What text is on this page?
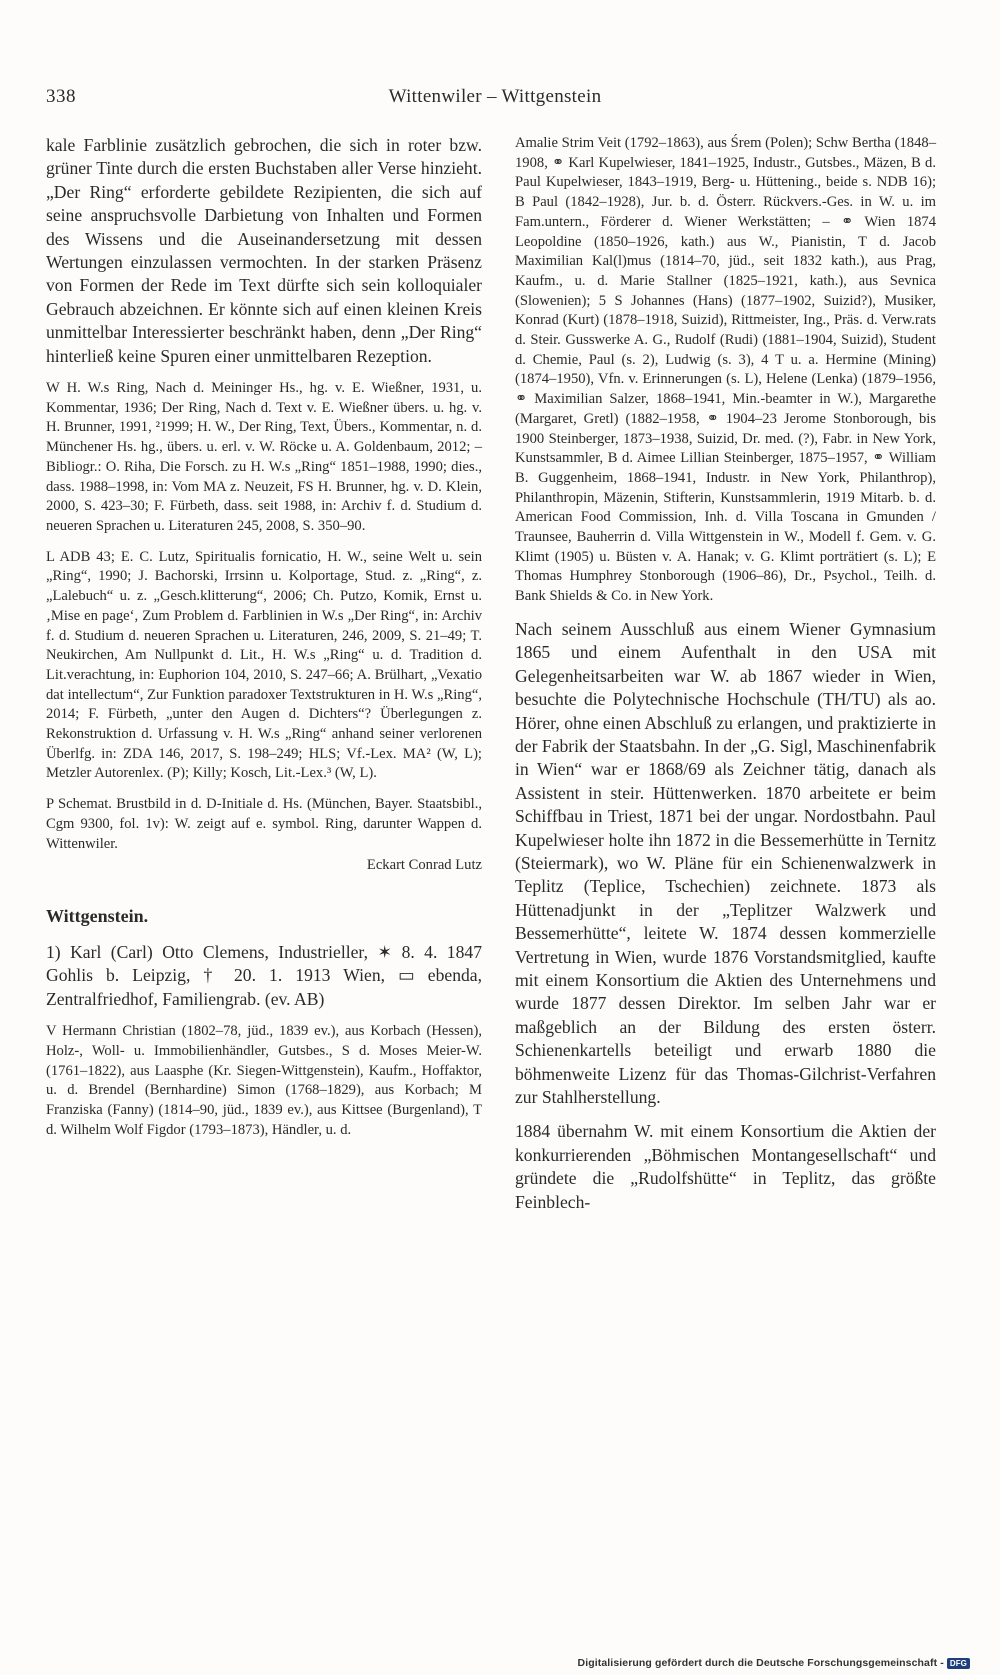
338	Wittenwiler – Wittgenstein

kale Farblinie zusätzlich gebrochen, die sich in roter bzw. grüner Tinte durch die ersten Buchstaben aller Verse hinzieht. „Der Ring“ erforderte gebildete Rezipienten, die sich auf seine anspruchsvolle Darbietung von Inhalten und Formen des Wissens und die Auseinandersetzung mit dessen Wertungen einzulassen vermochten. In der starken Präsenz von Formen der Rede im Text dürfte sich sein kolloquialer Gebrauch abzeichnen. Er könnte sich auf einen kleinen Kreis unmittelbar Interessierter beschränkt haben, denn „Der Ring“ hinterließ keine Spuren einer unmittelbaren Rezeption.

W H. W.s Ring, Nach d. Meininger Hs., hg. v. E. Wießner, 1931, u. Kommentar, 1936; Der Ring, Nach d. Text v. E. Wießner übers. u. hg. v. H. Brunner, 1991, ²1999; H. W., Der Ring, Text, Übers., Kommentar, n. d. Münchener Hs. hg., übers. u. erl. v. W. Röcke u. A. Goldenbaum, 2012; – Bibliogr.: O. Riha, Die Forsch. zu H. W.s „Ring“ 1851–1988, 1990; dies., dass. 1988–1998, in: Vom MA z. Neuzeit, FS H. Brunner, hg. v. D. Klein, 2000, S. 423–30; F. Fürbeth, dass. seit 1988, in: Archiv f. d. Studium d. neueren Sprachen u. Literaturen 245, 2008, S. 350–90.

L ADB 43; E. C. Lutz, Spiritualis fornicatio, H. W., seine Welt u. sein „Ring“, 1990; J. Bachorski, Irrsinn u. Kolportage, Stud. z. „Ring“, z. „Lalebuch“ u. z. „Gesch.klitterung“, 2006; Ch. Putzo, Komik, Ernst u. ‚Mise en page‘, Zum Problem d. Farblinien in W.s „Der Ring“, in: Archiv f. d. Studium d. neueren Sprachen u. Literaturen, 246, 2009, S. 21–49; T. Neukirchen, Am Nullpunkt d. Lit., H. W.s „Ring“ u. d. Tradition d. Lit.verachtung, in: Euphorion 104, 2010, S. 247–66; A. Brülhart, „Vexatio dat intellectum“, Zur Funktion paradoxer Textstrukturen in H. W.s „Ring“, 2014; F. Fürbeth, „unter den Augen d. Dichters“? Überlegungen z. Rekonstruktion d. Urfassung v. H. W.s „Ring“ anhand seiner verlorenen Überlfg. in: ZDA 146, 2017, S. 198–249; HLS; Vf.-Lex. MA² (W, L); Metzler Autorenlex. (P); Killy; Kosch, Lit.-Lex.³ (W, L).

P Schemat. Brustbild in d. D-Initiale d. Hs. (München, Bayer. Staatsbibl., Cgm 9300, fol. 1v): W. zeigt auf e. symbol. Ring, darunter Wappen d. Wittenwiler.

Eckart Conrad Lutz
Wittgenstein.

1) Karl (Carl) Otto Clemens, Industrieller, ✶ 8. 4. 1847 Gohlis b. Leipzig, † 20. 1. 1913 Wien, ▭ ebenda, Zentralfriedhof, Familiengrab. (ev. AB)

V Hermann Christian (1802–78, jüd., 1839 ev.), aus Korbach (Hessen), Holz-, Woll- u. Immobilienhändler, Gutsbes., S d. Moses Meier-W. (1761–1822), aus Laasphe (Kr. Siegen-Wittgenstein), Kaufm., Hoffaktor, u. d. Brendel (Bernhardine) Simon (1768–1829), aus Korbach; M Franziska (Fanny) (1814–90, jüd., 1839 ev.), aus Kittsee (Burgenland), T d. Wilhelm Wolf Figdor (1793–1873), Händler, u. d.

Amalie Strim Veit (1792–1863), aus Śrem (Polen); Schw Bertha (1848–1908, ⚭ Karl Kupelwieser, 1841–1925, Industr., Gutsbes., Mäzen, B d. Paul Kupelwieser, 1843–1919, Berg- u. Hüttening., beide s. NDB 16); B Paul (1842–1928), Jur. b. d. Österr. Rückvers.-Ges. in W. u. im Fam.untern., Förderer d. Wiener Werkstätten; – ⚭ Wien 1874 Leopoldine (1850–1926, kath.) aus W., Pianistin, T d. Jacob Maximilian Kal(l)mus (1814–70, jüd., seit 1832 kath.), aus Prag, Kaufm., u. d. Marie Stallner (1825–1921, kath.), aus Sevnica (Slowenien); 5 S Johannes (Hans) (1877–1902, Suizid?), Musiker, Konrad (Kurt) (1878–1918, Suizid), Rittmeister, Ing., Präs. d. Verw.rats d. Steir. Gusswerke A. G., Rudolf (Rudi) (1881–1904, Suizid), Student d. Chemie, Paul (s. 2), Ludwig (s. 3), 4 T u. a. Hermine (Mining) (1874–1950), Vfn. v. Erinnerungen (s. L), Helene (Lenka) (1879–1956, ⚭ Maximilian Salzer, 1868–1941, Min.-beamter in W.), Margarethe (Margaret, Gretl) (1882–1958, ⚭ 1904–23 Jerome Stonborough, bis 1900 Steinberger, 1873–1938, Suizid, Dr. med. (?), Fabr. in New York, Kunstsammler, B d. Aimee Lillian Steinberger, 1875–1957, ⚭ William B. Guggenheim, 1868–1941, Industr. in New York, Philanthrop), Philanthropin, Mäzenin, Stifterin, Kunstsammlerin, 1919 Mitarb. b. d. American Food Commission, Inh. d. Villa Toscana in Gmunden / Traunsee, Bauherrin d. Villa Wittgenstein in W., Modell f. Gem. v. G. Klimt (1905) u. Büsten v. A. Hanak; v. G. Klimt porträtiert (s. L); E Thomas Humphrey Stonborough (1906–86), Dr., Psychol., Teilh. d. Bank Shields & Co. in New York.

Nach seinem Ausschluß aus einem Wiener Gymnasium 1865 und einem Aufenthalt in den USA mit Gelegenheitsarbeiten war W. ab 1867 wieder in Wien, besuchte die Polytechnische Hochschule (TH/TU) als ao. Hörer, ohne einen Abschluß zu erlangen, und praktizierte in der Fabrik der Staatsbahn. In der „G. Sigl, Maschinenfabrik in Wien“ war er 1868/69 als Zeichner tätig, danach als Assistent in steir. Hüttenwerken. 1870 arbeitete er beim Schiffbau in Triest, 1871 bei der ungar. Nordostbahn. Paul Kupelwieser holte ihn 1872 in die Bessemerhütte in Ternitz (Steiermark), wo W. Pläne für ein Schienenwalzwerk in Teplitz (Teplice, Tschechien) zeichnete. 1873 als Hüttenadjunkt in der „Teplitzer Walzwerk und Bessemerhütte“, leitete W. 1874 dessen kommerzielle Vertretung in Wien, wurde 1876 Vorstandsmitglied, kaufte mit einem Konsortium die Aktien des Unternehmens und wurde 1877 dessen Direktor. Im selben Jahr war er maßgeblich an der Bildung des ersten österr. Schienenkartells beteiligt und erwarb 1880 die böhmenweite Lizenz für das Thomas-Gilchrist-Verfahren zur Stahlherstellung.

1884 übernahm W. mit einem Konsortium die Aktien der konkurrierenden „Böhmischen Montangesellschaft“ und gründete die „Rudolfshütte“ in Teplitz, das größte Feinblech-

Digitalisierung gefördert durch die Deutsche Forschungsgemeinschaft - DFG
